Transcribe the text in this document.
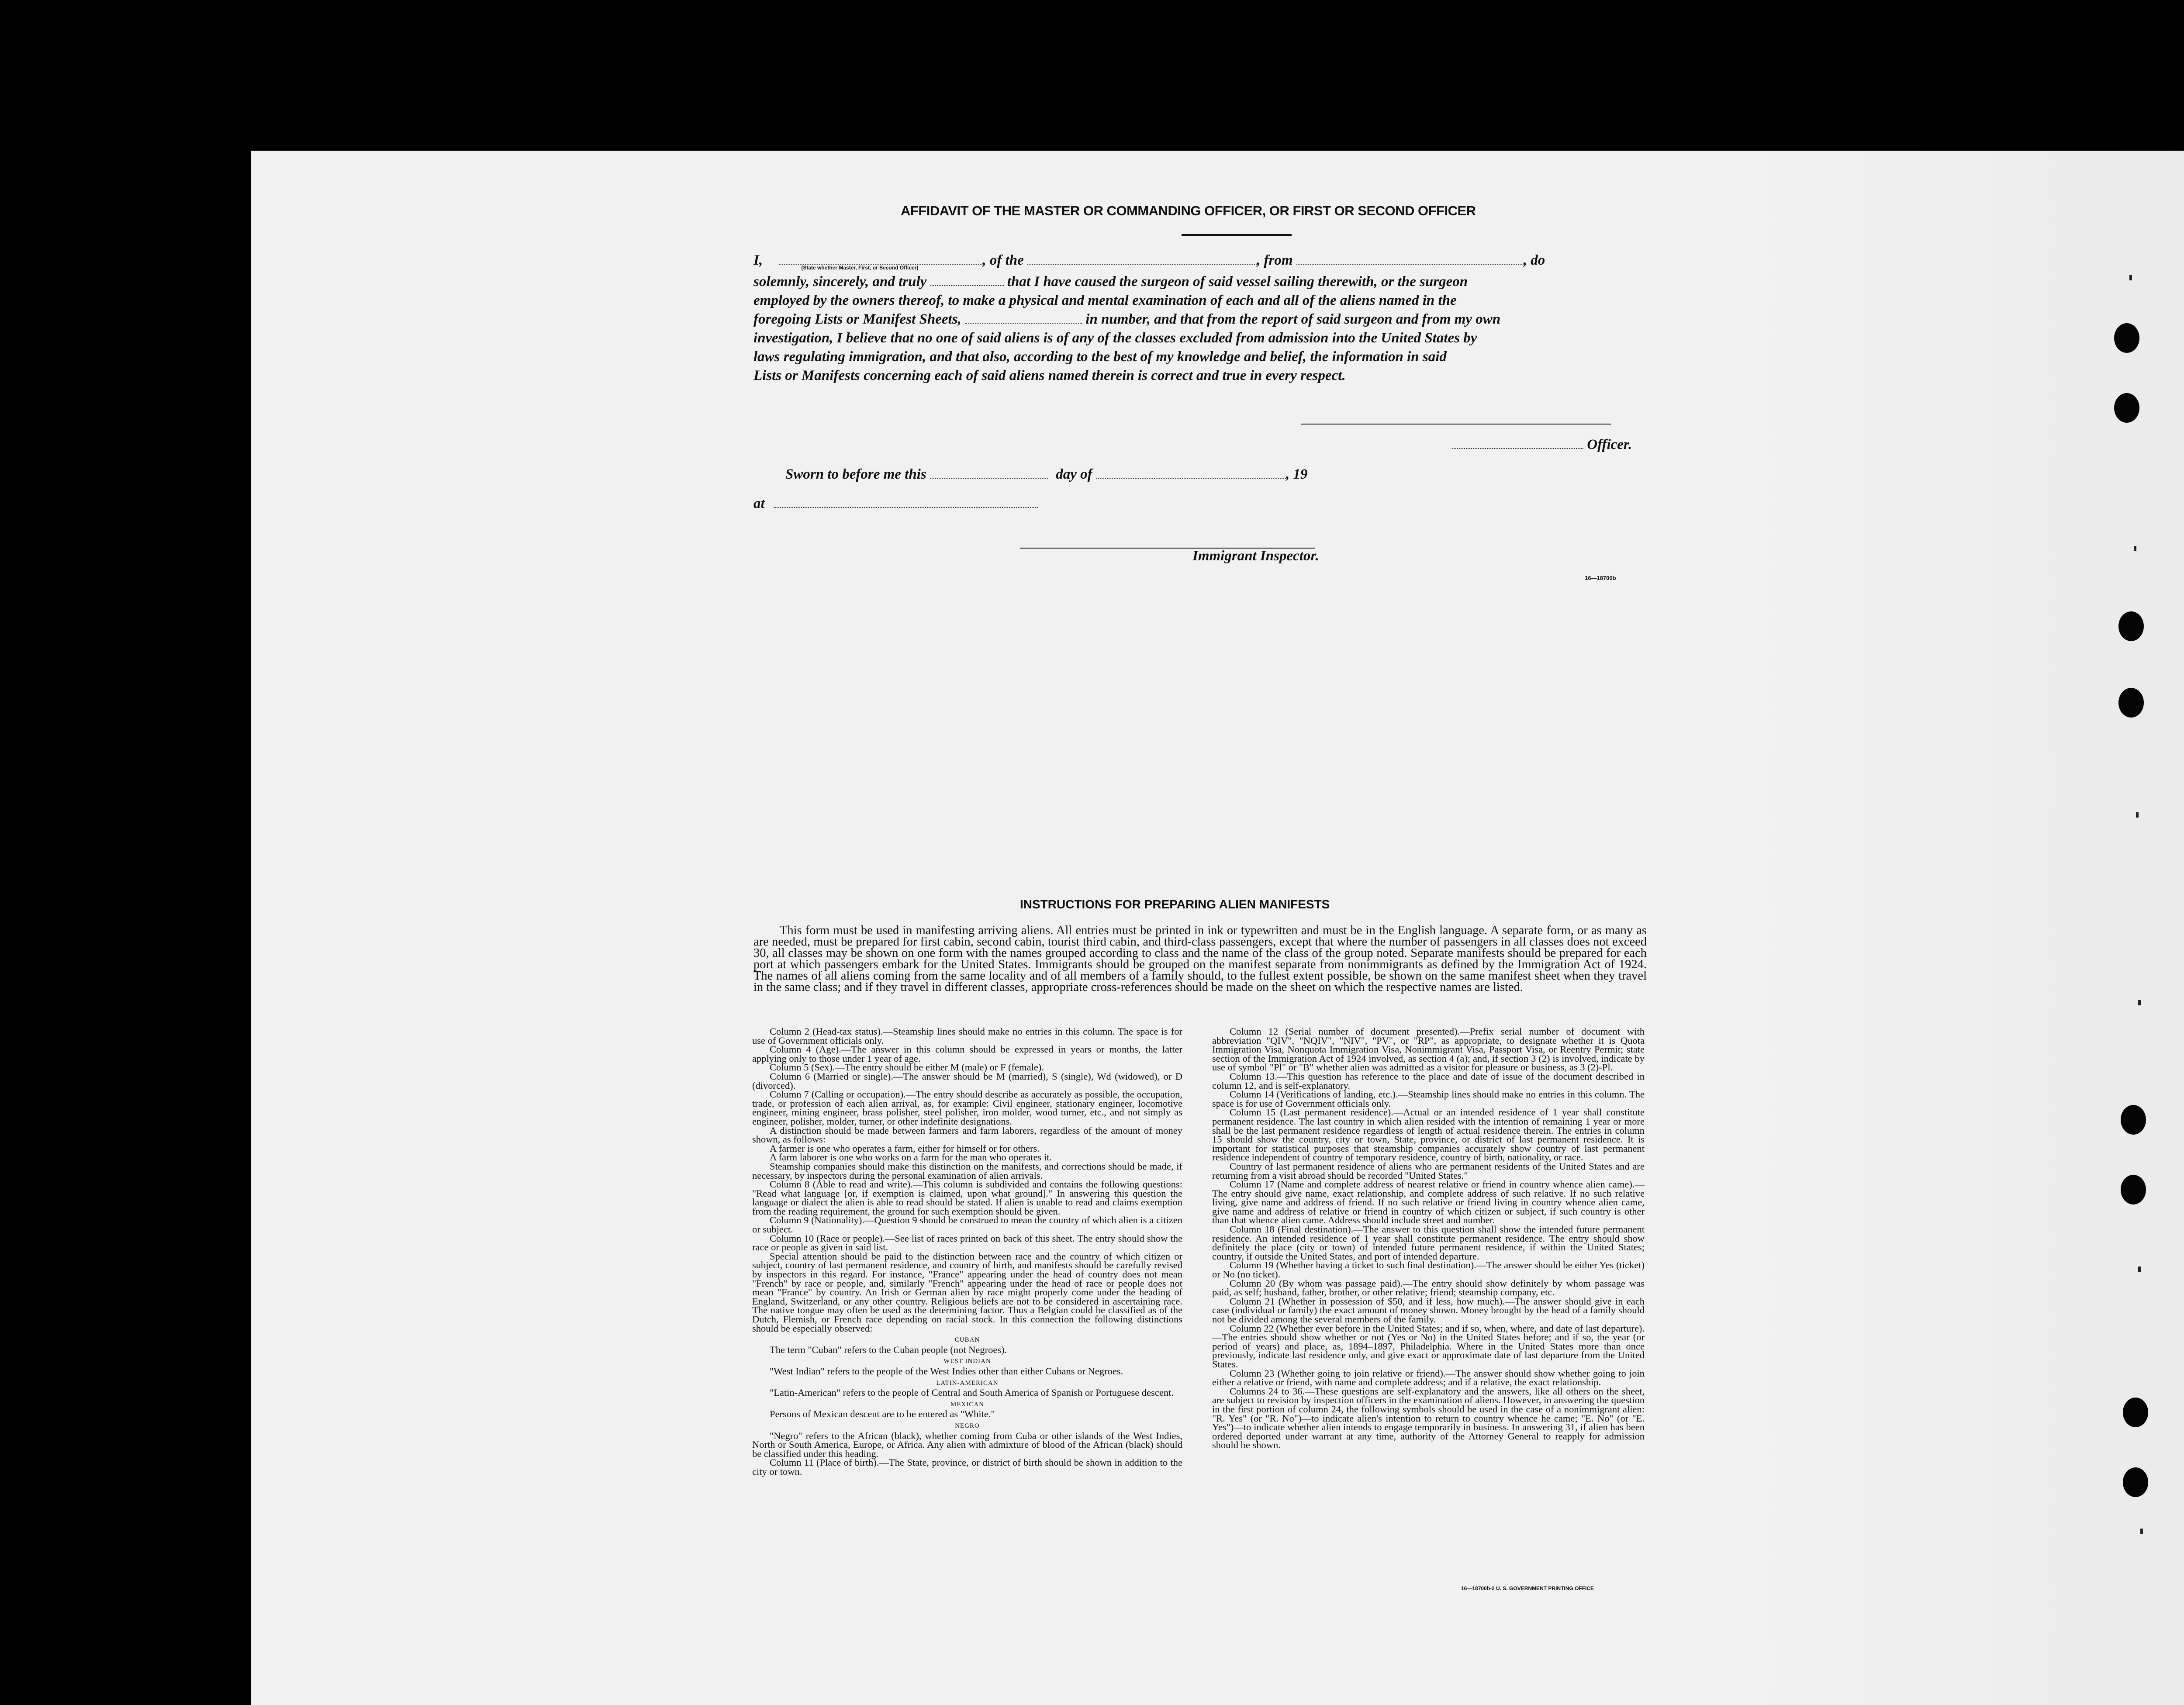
AFFIDAVIT OF THE MASTER OR COMMANDING OFFICER, OR FIRST OR SECOND OFFICER
I,	(State whether Master, First, or Second Officer)	, of the	, from	, do
solemnly, sincerely, and truly	that I have caused the surgeon of said vessel sailing therewith, or the surgeon
employed by the owners thereof, to make a physical and mental examination of each and all of the aliens named in the
foregoing Lists or Manifest Sheets,	in number, and that from the report of said surgeon and from my own
investigation, I believe that no one of said aliens is of any of the classes excluded from admission into the United States by
laws regulating immigration, and that also, according to the best of my knowledge and belief, the information in said
Lists or Manifests concerning each of said aliens named therein is correct and true in every respect.
Officer.
Sworn to before me this	day of	, 19
at
Immigrant Inspector.
16—18700b
INSTRUCTIONS FOR PREPARING ALIEN MANIFESTS

This form must be used in manifesting arriving aliens. All entries must be printed in ink or typewritten and must be in the English language. A separate form, or as many as are needed, must be prepared for first cabin, second cabin, tourist third cabin, and third-class passengers, except that where the number of passengers in all classes does not exceed 30, all classes may be shown on one form with the names grouped according to class and the name of the class of the group noted. Separate manifests should be prepared for each port at which passengers embark for the United States. Immigrants should be grouped on the manifest separate from nonimmigrants as defined by the Immigration Act of 1924. The names of all aliens coming from the same locality and of all members of a family should, to the fullest extent possible, be shown on the same manifest sheet when they travel in the same class; and if they travel in different classes, appropriate cross-references should be made on the sheet on which the respective names are listed.

Column 2 (Head-tax status).—Steamship lines should make no entries in this column. The space is for use of Government officials only.

Column 4 (Age).—The answer in this column should be expressed in years or months, the latter applying only to those under 1 year of age.

Column 5 (Sex).—The entry should be either M (male) or F (female).

Column 6 (Married or single).—The answer should be M (married), S (single), Wd (widowed), or D (divorced).

Column 7 (Calling or occupation).—The entry should describe as accurately as possible, the occupation, trade, or profession of each alien arrival, as, for example: Civil engineer, stationary engineer, locomotive engineer, mining engineer, brass polisher, steel polisher, iron molder, wood turner, etc., and not simply as engineer, polisher, molder, turner, or other indefinite designations.

A distinction should be made between farmers and farm laborers, regardless of the amount of money shown, as follows:

A farmer is one who operates a farm, either for himself or for others.

A farm laborer is one who works on a farm for the man who operates it.

Steamship companies should make this distinction on the manifests, and corrections should be made, if necessary, by inspectors during the personal examination of alien arrivals.

Column 8 (Able to read and write).—This column is subdivided and contains the following questions: "Read what language [or, if exemption is claimed, upon what ground]." In answering this question the language or dialect the alien is able to read should be stated. If alien is unable to read and claims exemption from the reading requirement, the ground for such exemption should be given.

Column 9 (Nationality).—Question 9 should be construed to mean the country of which alien is a citizen or subject.

Column 10 (Race or people).—See list of races printed on back of this sheet. The entry should show the race or people as given in said list.

Special attention should be paid to the distinction between race and the country of which citizen or subject, country of last permanent residence, and country of birth, and manifests should be carefully revised by inspectors in this regard. For instance, "France" appearing under the head of country does not mean "French" by race or people, and, similarly "French" appearing under the head of race or people does not mean "France" by country. An Irish or German alien by race might properly come under the heading of England, Switzerland, or any other country. Religious beliefs are not to be considered in ascertaining race. The native tongue may often be used as the determining factor. Thus a Belgian could be classified as of the Dutch, Flemish, or French race depending on racial stock. In this connection the following distinctions should be especially observed:

CUBAN

The term "Cuban" refers to the Cuban people (not Negroes).

WEST INDIAN

"West Indian" refers to the people of the West Indies other than either Cubans or Negroes.

LATIN-AMERICAN

"Latin-American" refers to the people of Central and South America of Spanish or Portuguese descent.

MEXICAN

Persons of Mexican descent are to be entered as "White."

NEGRO

"Negro" refers to the African (black), whether coming from Cuba or other islands of the West Indies, North or South America, Europe, or Africa. Any alien with admixture of blood of the African (black) should be classified under this heading.

Column 11 (Place of birth).—The State, province, or district of birth should be shown in addition to the city or town.

Column 12 (Serial number of document presented).—Prefix serial number of document with abbreviation "QIV", "NQIV", "NIV", "PV", or "RP", as appropriate, to designate whether it is Quota Immigration Visa, Nonquota Immigration Visa, Nonimmigrant Visa, Passport Visa, or Reentry Permit; state section of the Immigration Act of 1924 involved, as section 4 (a); and, if section 3 (2) is involved, indicate by use of symbol "Pl" or "B" whether alien was admitted as a visitor for pleasure or business, as 3 (2)-Pl.

Column 13.—This question has reference to the place and date of issue of the document described in column 12, and is self-explanatory.

Column 14 (Verifications of landing, etc.).—Steamship lines should make no entries in this column. The space is for use of Government officials only.

Column 15 (Last permanent residence).—Actual or an intended residence of 1 year shall constitute permanent residence. The last country in which alien resided with the intention of remaining 1 year or more shall be the last permanent residence regardless of length of actual residence therein. The entries in column 15 should show the country, city or town, State, province, or district of last permanent residence. It is important for statistical purposes that steamship companies accurately show country of last permanent residence independent of country of temporary residence, country of birth, nationality, or race.

Country of last permanent residence of aliens who are permanent residents of the United States and are returning from a visit abroad should be recorded "United States."

Column 17 (Name and complete address of nearest relative or friend in country whence alien came).—The entry should give name, exact relationship, and complete address of such relative. If no such relative living, give name and address of friend. If no such relative or friend living in country whence alien came, give name and address of relative or friend in country of which citizen or subject, if such country is other than that whence alien came. Address should include street and number.

Column 18 (Final destination).—The answer to this question shall show the intended future permanent residence. An intended residence of 1 year shall constitute permanent residence. The entry should show definitely the place (city or town) of intended future permanent residence, if within the United States; country, if outside the United States, and port of intended departure.

Column 19 (Whether having a ticket to such final destination).—The answer should be either Yes (ticket) or No (no ticket).

Column 20 (By whom was passage paid).—The entry should show definitely by whom passage was paid, as self; husband, father, brother, or other relative; friend; steamship company, etc.

Column 21 (Whether in possession of $50, and if less, how much).—The answer should give in each case (individual or family) the exact amount of money shown. Money brought by the head of a family should not be divided among the several members of the family.

Column 22 (Whether ever before in the United States; and if so, when, where, and date of last departure).—The entries should show whether or not (Yes or No) in the United States before; and if so, the year (or period of years) and place, as, 1894–1897, Philadelphia. Where in the United States more than once previously, indicate last residence only, and give exact or approximate date of last departure from the United States.

Column 23 (Whether going to join relative or friend).—The answer should show whether going to join either a relative or friend, with name and complete address; and if a relative, the exact relationship.

Columns 24 to 36.—These questions are self-explanatory and the answers, like all others on the sheet, are subject to revision by inspection officers in the examination of aliens. However, in answering the question in the first portion of column 24, the following symbols should be used in the case of a nonimmigrant alien: "R. Yes" (or "R. No")—to indicate alien's intention to return to country whence he came; "E. No" (or "E. Yes")—to indicate whether alien intends to engage temporarily in business. In answering 31, if alien has been ordered deported under warrant at any time, authority of the Attorney General to reapply for admission should be shown.

16—18700b-2 U. S. GOVERNMENT PRINTING OFFICE
